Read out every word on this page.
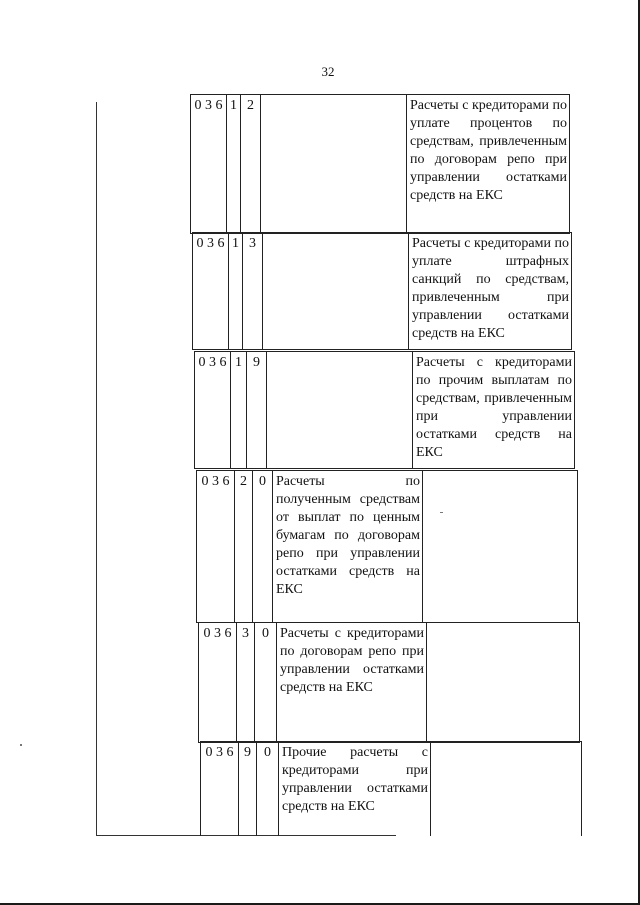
32
0 3 6 1 2	Расчеты с кредиторами по уплате процентов по средствам, привлеченным по договорам репо при управлении остатками средств на ЕКС
0 3 6 1 3	Расчеты с кредиторами по уплате штрафных санкций по средствам, привлеченным при управлении остатками средств на ЕКС
0 3 6 1 9	Расчеты с кредиторами по прочим выплатам по средствам, привлеченным при управлении остатками средств на ЕКС
0 3 6 2 0 Расчеты по полученным средствам от выплат по ценным бумагам по договорам репо при управлении остатками средств на ЕКС
0 3 6 3 0 Расчеты с кредиторами по договорам репо при управлении остатками средств на ЕКС
0 3 6 9 0 Прочие расчеты с кредиторами при управлении остатками средств на ЕКС
